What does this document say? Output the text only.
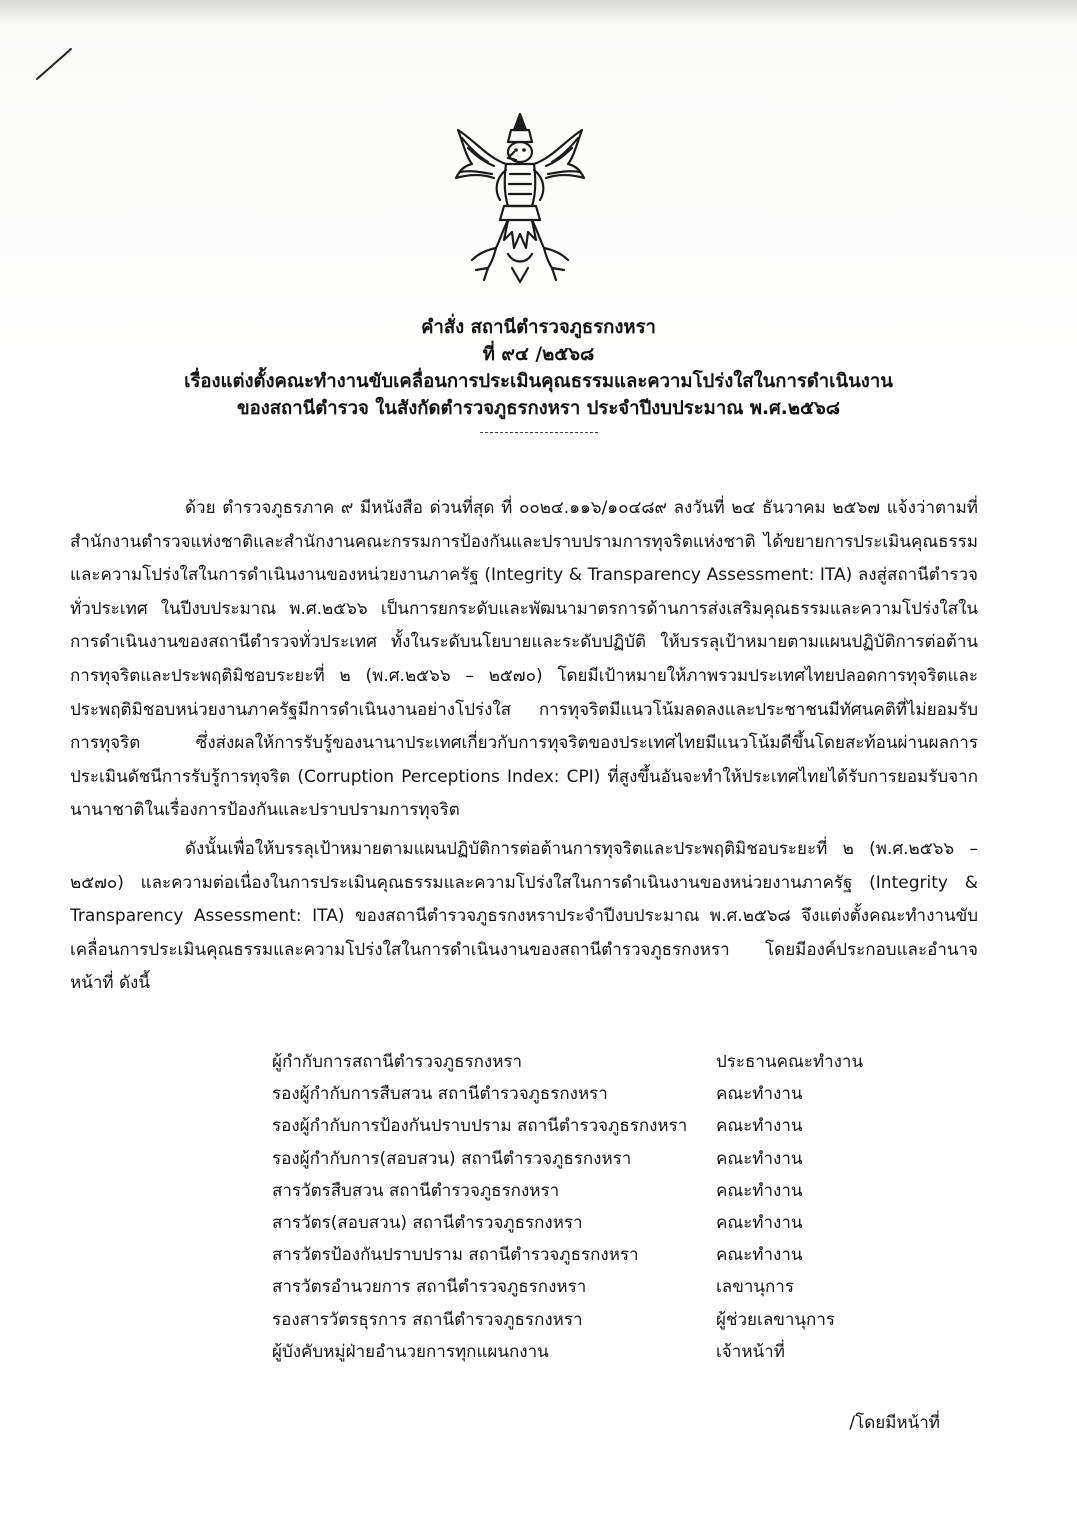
คำสั่ง สถานีตำรวจภูธรกงหรา
ที่ ๙๔ /๒๕๖๘
เรื่องแต่งตั้งคณะทำงานขับเคลื่อนการประเมินคุณธรรมและความโปร่งใสในการดำเนินงาน
ของสถานีตำรวจ ในสังกัดตำรวจภูธรกงหรา ประจำปีงบประมาณ พ.ศ.๒๕๖๘

ด้วย ตำรวจภูธรภาค ๙ มีหนังสือ ด่วนที่สุด ที่ ๐๐๒๔.๑๑๖/๑๐๔๘๙ ลงวันที่ ๒๔ ธันวาคม ๒๕๖๗ แจ้งว่าตามที่สำนักงานตำรวจแห่งชาติและสำนักงานคณะกรรมการป้องกันและปราบปรามการทุจริตแห่งชาติ ได้ขยายการประเมินคุณธรรมและความโปร่งใสในการดำเนินงานของหน่วยงานภาครัฐ (Integrity & Transparency Assessment: ITA) ลงสู่สถานีตำรวจทั่วประเทศ ในปีงบประมาณ พ.ศ.๒๕๖๖ เป็นการยกระดับและพัฒนามาตรการด้านการส่งเสริมคุณธรรมและความโปร่งใสในการดำเนินงานของสถานีตำรวจทั่วประเทศ ทั้งในระดับนโยบายและระดับปฏิบัติ ให้บรรลุเป้าหมายตามแผนปฏิบัติการต่อต้านการทุจริตและประพฤติมิชอบระยะที่ ๒ (พ.ศ.๒๕๖๖ – ๒๕๗๐) โดยมีเป้าหมายให้ภาพรวมประเทศไทยปลอดการทุจริตและประพฤติมิชอบหน่วยงานภาครัฐมีการดำเนินงานอย่างโปร่งใส การทุจริตมีแนวโน้มลดลงและประชาชนมีทัศนคติที่ไม่ยอมรับการทุจริต ซึ่งส่งผลให้การรับรู้ของนานาประเทศเกี่ยวกับการทุจริตของประเทศไทยมีแนวโน้มดีขึ้นโดยสะท้อนผ่านผลการประเมินดัชนีการรับรู้การทุจริต (Corruption Perceptions Index: CPI) ที่สูงขึ้นอันจะทำให้ประเทศไทยได้รับการยอมรับจากนานาชาติในเรื่องการป้องกันและปราบปรามการทุจริต

ดังนั้นเพื่อให้บรรลุเป้าหมายตามแผนปฏิบัติการต่อต้านการทุจริตและประพฤติมิชอบระยะที่ ๒ (พ.ศ.๒๕๖๖ – ๒๕๗๐) และความต่อเนื่องในการประเมินคุณธรรมและความโปร่งใสในการดำเนินงานของหน่วยงานภาครัฐ (Integrity & Transparency Assessment: ITA) ของสถานีตำรวจภูธรกงหราประจำปีงบประมาณ พ.ศ.๒๕๖๘ จึงแต่งตั้งคณะทำงานขับเคลื่อนการประเมินคุณธรรมและความโปร่งใสในการดำเนินงานของสถานีตำรวจภูธรกงหรา โดยมีองค์ประกอบและอำนาจหน้าที่ ดังนี้

ผู้กำกับการสถานีตำรวจภูธรกงหรา	ประธานคณะทำงาน
รองผู้กำกับการสืบสวน สถานีตำรวจภูธรกงหรา	คณะทำงาน
รองผู้กำกับการป้องกันปราบปราม สถานีตำรวจภูธรกงหรา	คณะทำงาน
รองผู้กำกับการ(สอบสวน) สถานีตำรวจภูธรกงหรา	คณะทำงาน
สารวัตรสืบสวน สถานีตำรวจภูธรกงหรา	คณะทำงาน
สารวัตร(สอบสวน) สถานีตำรวจภูธรกงหรา	คณะทำงาน
สารวัตรป้องกันปราบปราม สถานีตำรวจภูธรกงหรา	คณะทำงาน
สารวัตรอำนวยการ สถานีตำรวจภูธรกงหรา	เลขานุการ
รองสารวัตรธุรการ สถานีตำรวจภูธรกงหรา	ผู้ช่วยเลขานุการ
ผู้บังคับหมู่ฝ่ายอำนวยการทุกแผนกงาน	เจ้าหน้าที่
/โดยมีหน้าที่
